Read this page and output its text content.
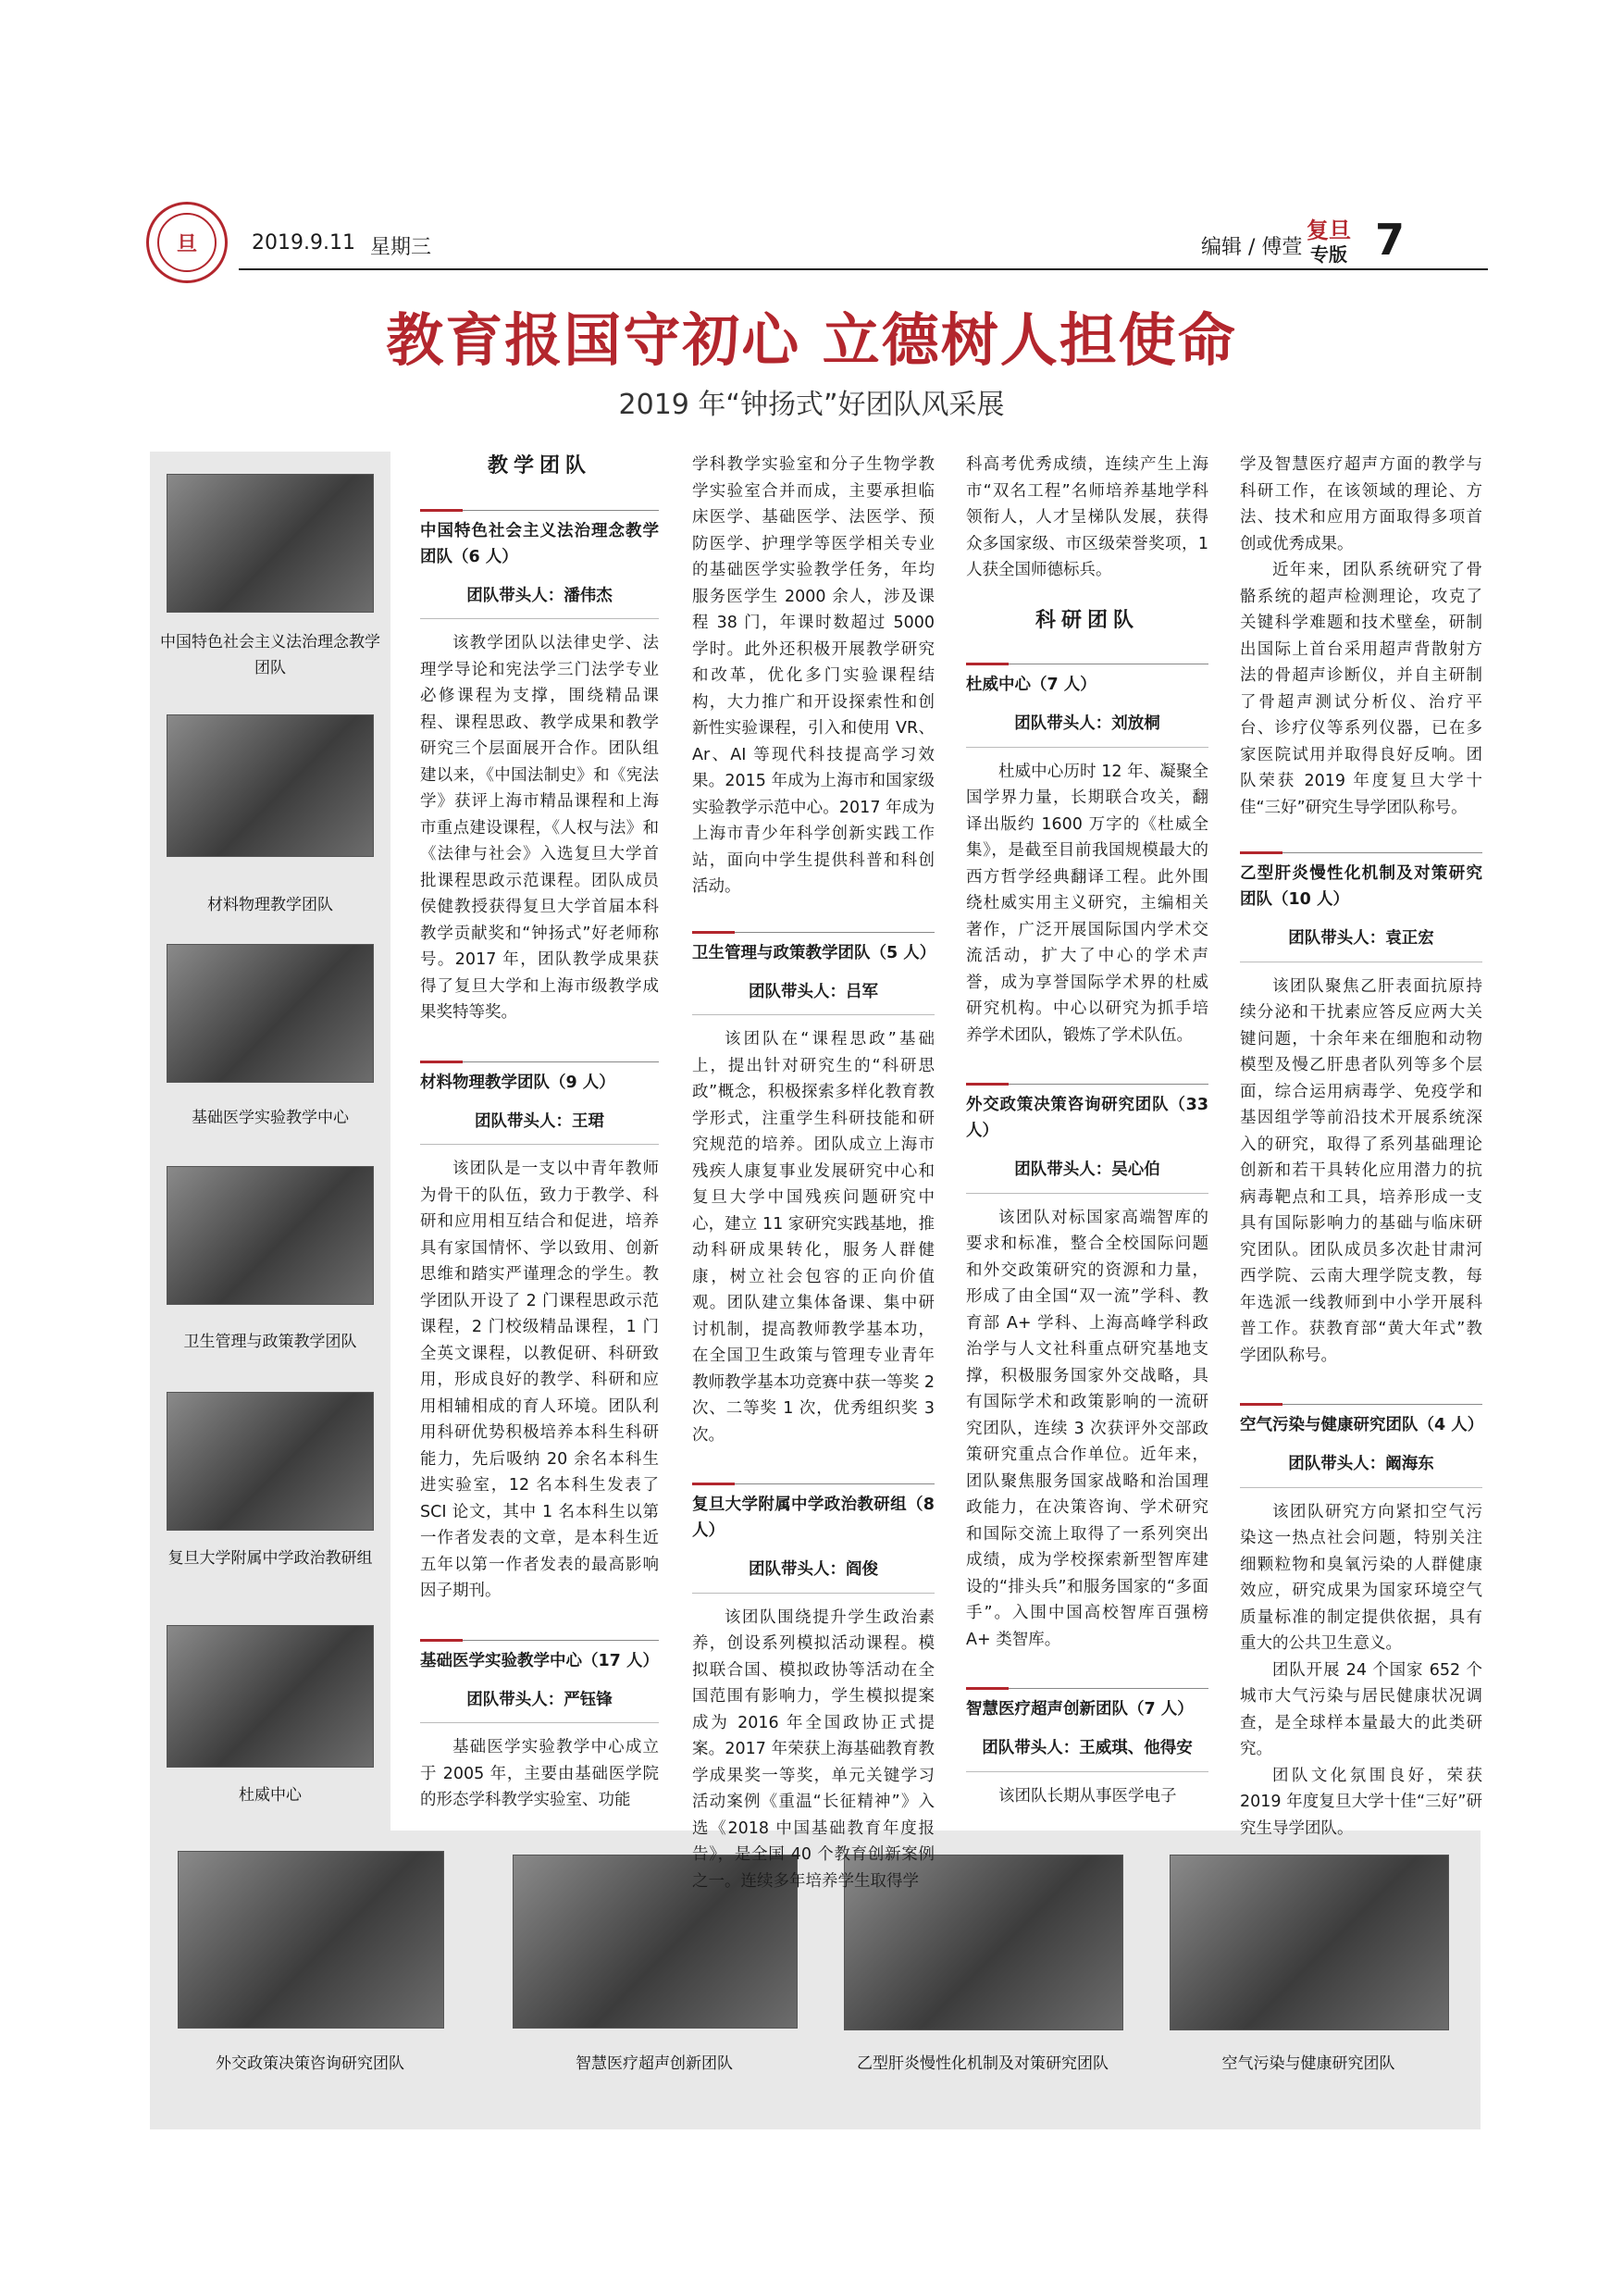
旦	2019.9.11 星期三	编辑 / 傅萱
复旦
专版 7
教育报国守初心 立德树人担使命
2019 年“钟扬式”好团队风采展
中国特色社会主义法治理念教学团队
材料物理教学团队
基础医学实验教学中心
卫生管理与政策教学团队
复旦大学附属中学政治教研组
杜威中心
外交政策决策咨询研究团队	智慧医疗超声创新团队	乙型肝炎慢性化机制及对策研究团队	空气污染与健康研究团队
教学团队
中国特色社会主义法治理念教学团队（6 人）
团队带头人：潘伟杰

该教学团队以法律史学、法理学导论和宪法学三门法学专业必修课程为支撑，围绕精品课程、课程思政、教学成果和教学研究三个层面展开合作。团队组建以来，《中国法制史》和《宪法学》获评上海市精品课程和上海市重点建设课程，《人权与法》和《法律与社会》入选复旦大学首批课程思政示范课程。团队成员侯健教授获得复旦大学首届本科教学贡献奖和“钟扬式”好老师称号。2017 年，团队教学成果获得了复旦大学和上海市级教学成果奖特等奖。

材料物理教学团队（9 人）
团队带头人：王珺

该团队是一支以中青年教师为骨干的队伍，致力于教学、科研和应用相互结合和促进，培养具有家国情怀、学以致用、创新思维和踏实严谨理念的学生。教学团队开设了 2 门课程思政示范课程，2 门校级精品课程，1 门全英文课程，以教促研、科研致用，形成良好的教学、科研和应用相辅相成的育人环境。团队利用科研优势积极培养本科生科研能力，先后吸纳 20 余名本科生进实验室，12 名本科生发表了 SCI 论文，其中 1 名本科生以第一作者发表的文章，是本科生近五年以第一作者发表的最高影响因子期刊。

基础医学实验教学中心（17 人）
团队带头人：严钰锋

基础医学实验教学中心成立于 2005 年，主要由基础医学院的形态学科教学实验室、功能

学科教学实验室和分子生物学教学实验室合并而成，主要承担临床医学、基础医学、法医学、预防医学、护理学等医学相关专业的基础医学实验教学任务，年均服务医学生 2000 余人，涉及课程 38 门，年课时数超过 5000 学时。此外还积极开展教学研究和改革，优化多门实验课程结构，大力推广和开设探索性和创新性实验课程，引入和使用 VR、Ar、AI 等现代科技提高学习效果。2015 年成为上海市和国家级实验教学示范中心。2017 年成为上海市青少年科学创新实践工作站，面向中学生提供科普和科创活动。

卫生管理与政策教学团队（5 人）
团队带头人：吕军

该团队在“课程思政”基础上，提出针对研究生的“科研思政”概念，积极探索多样化教育教学形式，注重学生科研技能和研究规范的培养。团队成立上海市残疾人康复事业发展研究中心和复旦大学中国残疾问题研究中心，建立 11 家研究实践基地，推动科研成果转化，服务人群健康，树立社会包容的正向价值观。团队建立集体备课、集中研讨机制，提高教师教学基本功，在全国卫生政策与管理专业青年教师教学基本功竞赛中获一等奖 2 次、二等奖 1 次，优秀组织奖 3 次。

复旦大学附属中学政治教研组（8 人）
团队带头人：阎俊

该团队围绕提升学生政治素养，创设系列模拟活动课程。模拟联合国、模拟政协等活动在全国范围有影响力，学生模拟提案成为 2016 年全国政协正式提案。2017 年荣获上海基础教育教学成果奖一等奖，单元关键学习活动案例《重温“长征精神”》入选《2018 中国基础教育年度报告》，是全国 40 个教育创新案例之一。连续多年培养学生取得学

科高考优秀成绩，连续产生上海市“双名工程”名师培养基地学科领衔人，人才呈梯队发展，获得众多国家级、市区级荣誉奖项，1 人获全国师德标兵。

科研团队
杜威中心（7 人）
团队带头人：刘放桐

杜威中心历时 12 年、凝聚全国学界力量，长期联合攻关，翻译出版约 1600 万字的《杜威全集》，是截至目前我国规模最大的西方哲学经典翻译工程。此外围绕杜威实用主义研究，主编相关著作，广泛开展国际国内学术交流活动，扩大了中心的学术声誉，成为享誉国际学术界的杜威研究机构。中心以研究为抓手培养学术团队，锻炼了学术队伍。

外交政策决策咨询研究团队（33 人）
团队带头人：吴心伯

该团队对标国家高端智库的要求和标准，整合全校国际问题和外交政策研究的资源和力量，形成了由全国“双一流”学科、教育部 A+ 学科、上海高峰学科政治学与人文社科重点研究基地支撑，积极服务国家外交战略，具有国际学术和政策影响的一流研究团队，连续 3 次获评外交部政策研究重点合作单位。近年来，团队聚焦服务国家战略和治国理政能力，在决策咨询、学术研究和国际交流上取得了一系列突出成绩，成为学校探索新型智库建设的“排头兵”和服务国家的“多面手”。入围中国高校智库百强榜 A+ 类智库。

智慧医疗超声创新团队（7 人）
团队带头人：王威琪、他得安

该团队长期从事医学电子

学及智慧医疗超声方面的教学与科研工作，在该领域的理论、方法、技术和应用方面取得多项首创或优秀成果。

近年来，团队系统研究了骨骼系统的超声检测理论，攻克了关键科学难题和技术壁垒，研制出国际上首台采用超声背散射方法的骨超声诊断仪，并自主研制了骨超声测试分析仪、治疗平台、诊疗仪等系列仪器，已在多家医院试用并取得良好反响。团队荣获 2019 年度复旦大学十佳“三好”研究生导学团队称号。

乙型肝炎慢性化机制及对策研究团队（10 人）
团队带头人：袁正宏

该团队聚焦乙肝表面抗原持续分泌和干扰素应答反应两大关键问题，十余年来在细胞和动物模型及慢乙肝患者队列等多个层面，综合运用病毒学、免疫学和基因组学等前沿技术开展系统深入的研究，取得了系列基础理论创新和若干具转化应用潜力的抗病毒靶点和工具，培养形成一支具有国际影响力的基础与临床研究团队。团队成员多次赴甘肃河西学院、云南大理学院支教，每年选派一线教师到中小学开展科普工作。获教育部“黄大年式”教学团队称号。

空气污染与健康研究团队（4 人）
团队带头人：阚海东

该团队研究方向紧扣空气污染这一热点社会问题，特别关注细颗粒物和臭氧污染的人群健康效应，研究成果为国家环境空气质量标准的制定提供依据，具有重大的公共卫生意义。

团队开展 24 个国家 652 个城市大气污染与居民健康状况调查，是全球样本量最大的此类研究。

团队文化氛围良好，荣获 2019 年度复旦大学十佳“三好”研究生导学团队。
